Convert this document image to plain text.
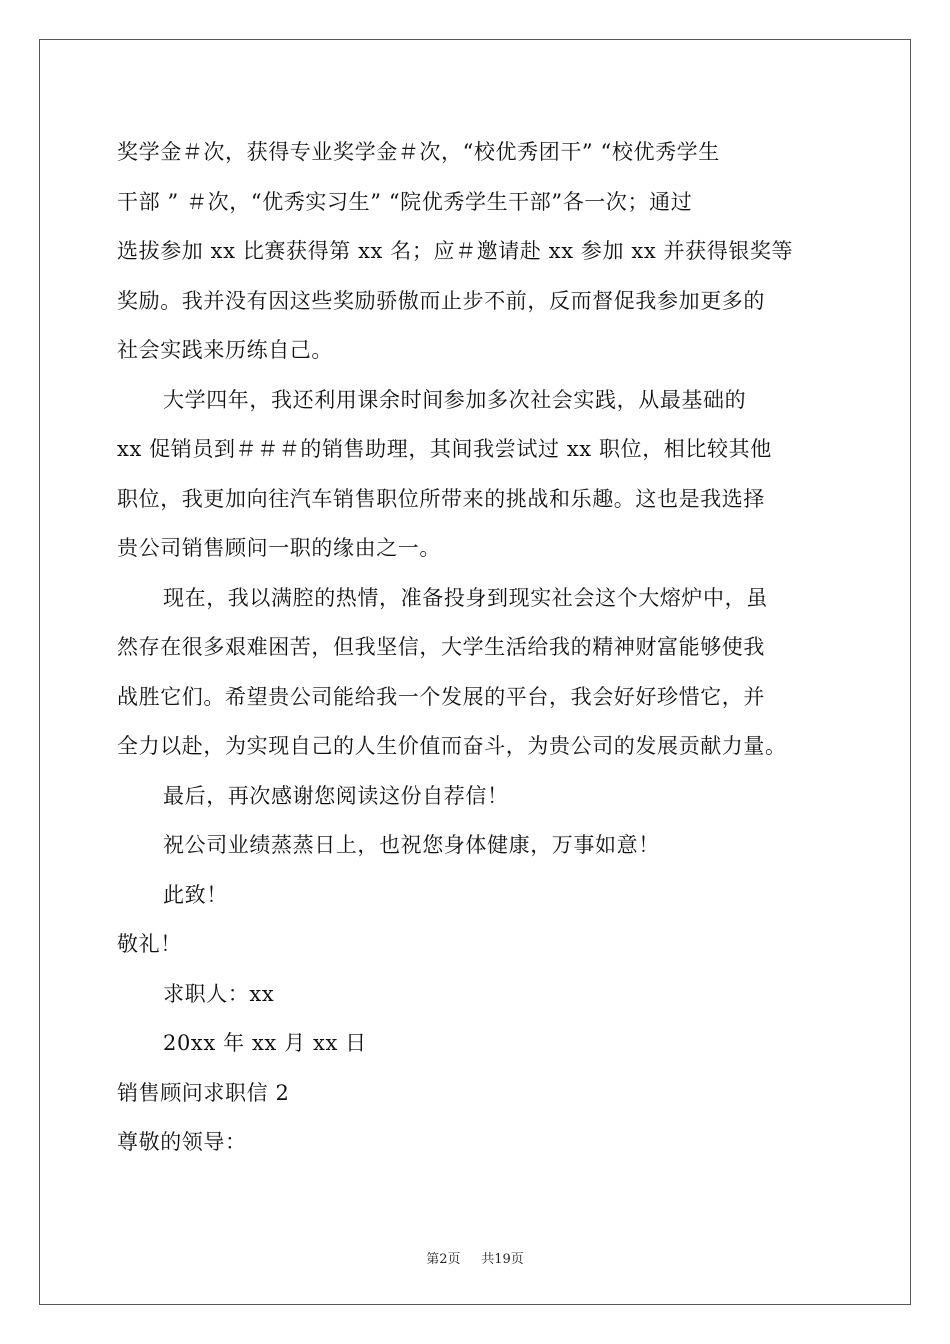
奖学金＃次，获得专业奖学金＃次，“校优秀团干” “校优秀学生

干部 ” ＃次，“优秀实习生” “院优秀学生干部”各一次；通过

选拔参加 xx 比赛获得第 xx 名；应＃邀请赴 xx 参加 xx 并获得银奖等

奖励。我并没有因这些奖励骄傲而止步不前，反而督促我参加更多的

社会实践来历练自己。

大学四年，我还利用课余时间参加多次社会实践，从最基础的

xx 促销员到＃＃＃的销售助理，其间我尝试过 xx 职位，相比较其他

职位，我更加向往汽车销售职位所带来的挑战和乐趣。这也是我选择

贵公司销售顾问一职的缘由之一。

现在，我以满腔的热情，准备投身到现实社会这个大熔炉中，虽

然存在很多艰难困苦，但我坚信，大学生活给我的精神财富能够使我

战胜它们。希望贵公司能给我一个发展的平台，我会好好珍惜它，并

全力以赴，为实现自己的人生价值而奋斗，为贵公司的发展贡献力量。

最后，再次感谢您阅读这份自荐信！

祝公司业绩蒸蒸日上，也祝您身体健康，万事如意！

此致！

敬礼！

求职人：xx

20xx 年 xx 月 xx 日

销售顾问求职信 2

尊敬的领导：

第2页 共19页
